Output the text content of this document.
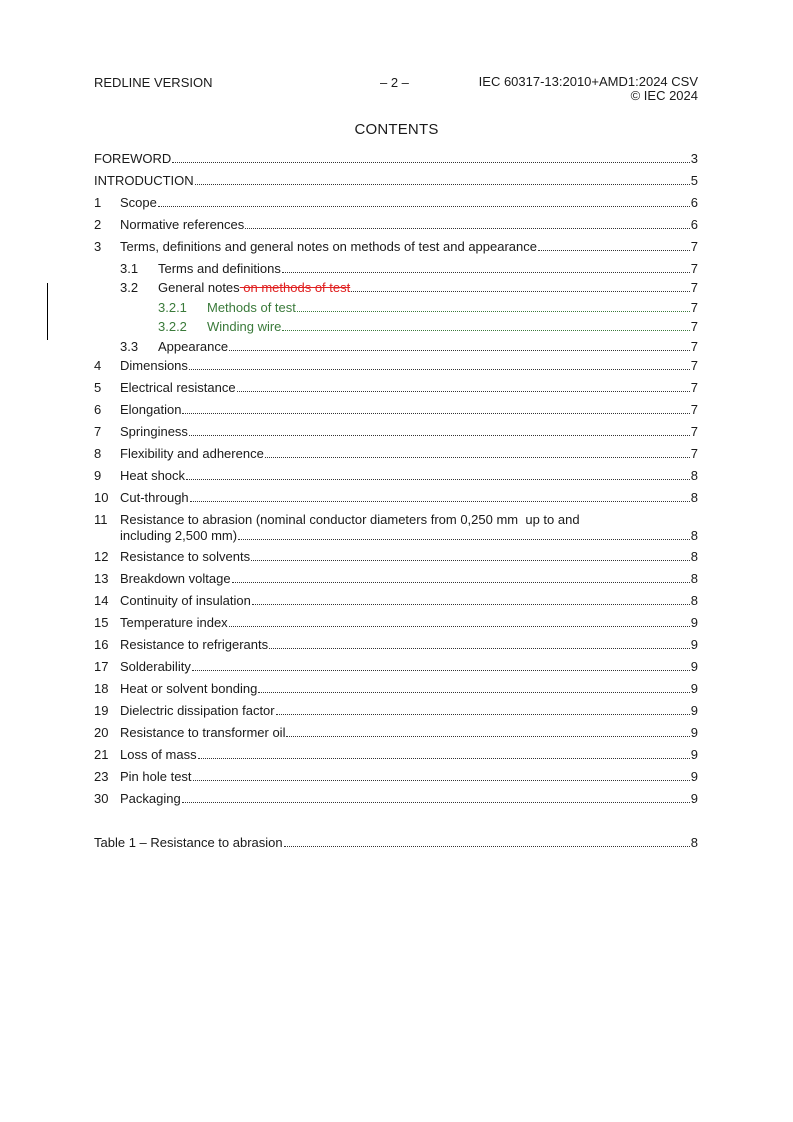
REDLINE VERSION	– 2 –	IEC 60317-13:2010+AMD1:2024 CSV
© IEC 2024
CONTENTS
FOREWORD	3
INTRODUCTION	5
1	Scope	6
2	Normative references	6
3	Terms, definitions and general notes on methods of test and appearance	7
3.1	Terms and definitions	7
3.2	General notes on methods of test	7
3.2.1	Methods of test	7
3.2.2	Winding wire	7
3.3	Appearance	7
4	Dimensions	7
5	Electrical resistance	7
6	Elongation	7
7	Springiness	7
8	Flexibility and adherence	7
9	Heat shock	8
10 Cut-through	8
11 Resistance to abrasion (nominal conductor diameters from 0,250 mm  up to and
including 2,500 mm)	8
12 Resistance to solvents	8
13 Breakdown voltage	8
14 Continuity of insulation	8
15 Temperature index	9
16 Resistance to refrigerants	9
17 Solderability	9
18 Heat or solvent bonding	9
19 Dielectric dissipation factor	9
20 Resistance to transformer oil	9
21 Loss of mass	9
23 Pin hole test	9
30 Packaging	9
Table 1 – Resistance to abrasion	8
